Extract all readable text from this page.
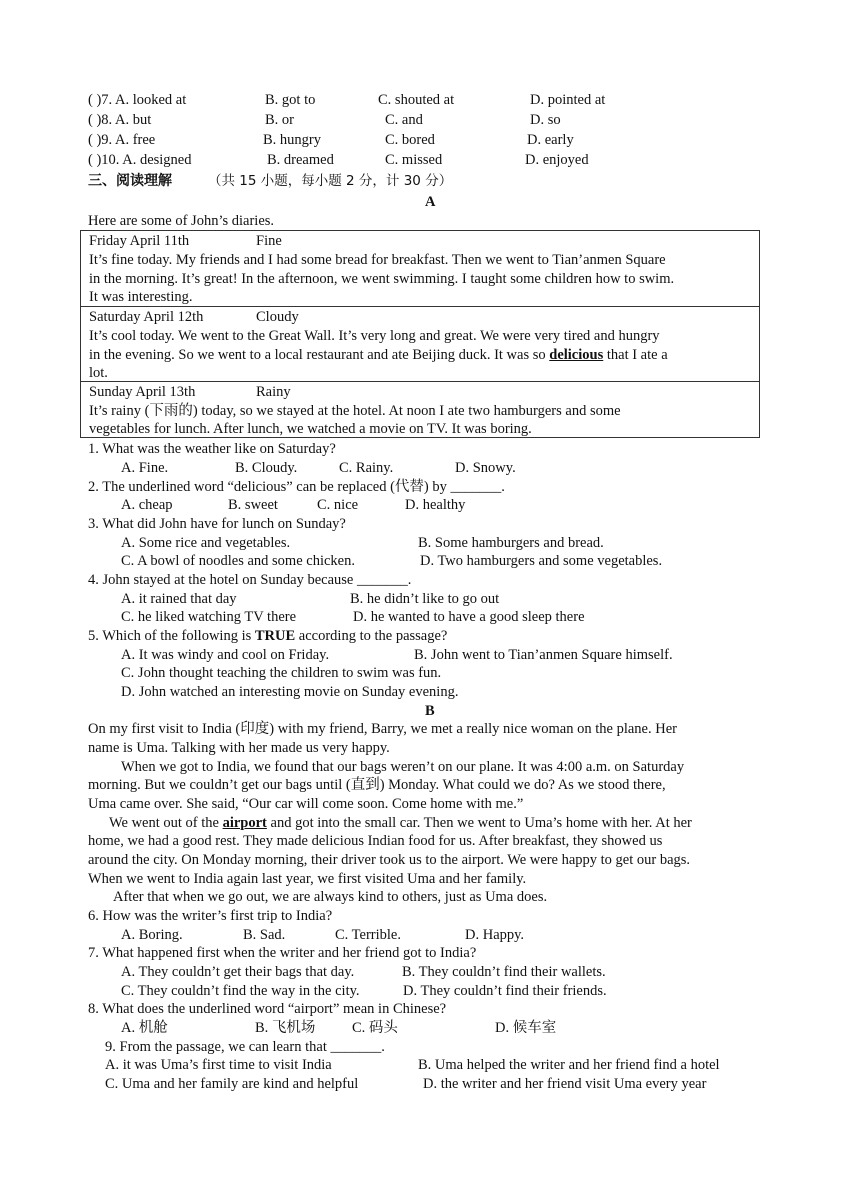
( )7. A. looked at	B. got to	C. shouted at	D. pointed at
( )8. A. but	B. or	C. and	D. so
( )9. A. free	B. hungry	C. bored	D. early
( )10. A. designed	B. dreamed	C. missed	D. enjoyed
三、阅读理解	（共 15 小题，每小题 2 分，计 30 分）
A
Here are some of John’s diaries.
Friday April 11th	Fine
It’s fine today. My friends and I had some bread for breakfast. Then we went to Tian’anmen Square
in the morning. It’s great! In the afternoon, we went swimming. I taught some children how to swim.
It was interesting.
Saturday April 12th	Cloudy
It’s cool today. We went to the Great Wall. It’s very long and great. We were very tired and hungry
in the evening. So we went to a local restaurant and ate Beijing duck. It was so delicious that I ate a
lot.
Sunday April 13th	Rainy
It’s rainy (下雨的) today, so we stayed at the hotel. At noon I ate two hamburgers and some
vegetables for lunch. After lunch, we watched a movie on TV. It was boring.
1. What was the weather like on Saturday?
A. Fine.	B. Cloudy.	C. Rainy.	D. Snowy.
2. The underlined word “delicious” can be replaced (代替) by _______.
A. cheap	B. sweet	C. nice	D. healthy
3. What did John have for lunch on Sunday?
A. Some rice and vegetables.	B. Some hamburgers and bread.
C. A bowl of noodles and some chicken.	D. Two hamburgers and some vegetables.
4. John stayed at the hotel on Sunday because _______.
A. it rained that day	B. he didn’t like to go out
C. he liked watching TV there	D. he wanted to have a good sleep there
5. Which of the following is TRUE according to the passage?
A. It was windy and cool on Friday.	B. John went to Tian’anmen Square himself.
C. John thought teaching the children to swim was fun.
D. John watched an interesting movie on Sunday evening.
B
On my first visit to India (印度) with my friend, Barry, we met a really nice woman on the plane. Her
name is Uma. Talking with her made us very happy.
When we got to India, we found that our bags weren’t on our plane. It was 4:00 a.m. on Saturday
morning. But we couldn’t get our bags until (直到) Monday. What could we do? As we stood there,
Uma came over. She said, “Our car will come soon. Come home with me.”
We went out of the airport and got into the small car. Then we went to Uma’s home with her. At her
home, we had a good rest. They made delicious Indian food for us. After breakfast, they showed us
around the city. On Monday morning, their driver took us to the airport. We were happy to get our bags.
When we went to India again last year, we first visited Uma and her family.
After that when we go out, we are always kind to others, just as Uma does.
6. How was the writer’s first trip to India?
A. Boring.	B. Sad.	C. Terrible.	D. Happy.
7. What happened first when the writer and her friend got to India?
A. They couldn’t get their bags that day.	B. They couldn’t find their wallets.
C. They couldn’t find the way in the city.	D. They couldn’t find their friends.
8. What does the underlined word “airport” mean in Chinese?
A. 机舱	B. 飞机场	C. 码头	D. 候车室
9. From the passage, we can learn that _______.
A. it was Uma’s first time to visit India	B. Uma helped the writer and her friend find a hotel
C. Uma and her family are kind and helpful	D. the writer and her friend visit Uma every year
